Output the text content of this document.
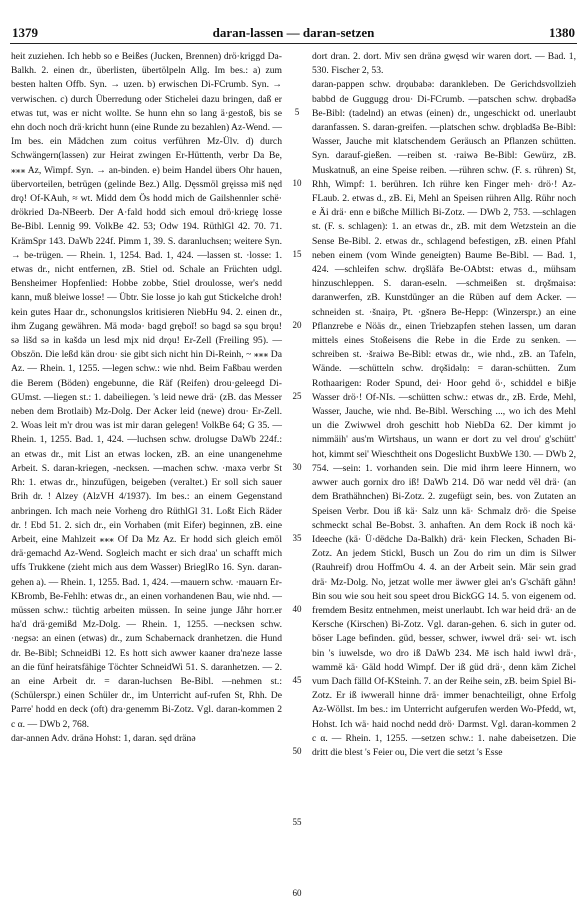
1379	daran-lassen — daran-setzen	1380

heit zuziehen. Ich hebb so e Beißes (Jucken, Brennen) drö·kriggd Da-Balkh. 2. einen dr., überlisten, übertölpeln Allg. Im bes.: a) zum besten halten Offb. Syn. → uzen. b) erwischen Di-FCrumb. Syn. → verwischen. c) durch Überredung oder Stichelei dazu bringen, daß er etwas tut, was er nicht wollte. Se hunn ehn so lang ä·gestoß, bis se ehn doch noch drä·kricht hunn (eine Runde zu bezahlen) Az-Wend. — Im bes. ein Mädchen zum coitus verführen Mz-Ülv. d) durch Schwängern(lassen) zur Heirat zwingen Er-Hüttenth, verbr Da Be, ⁎⁎⁎ Az, Wimpf. Syn. → an-binden. e) beim Handel übers Ohr hauen, übervorteilen, betrügen (gelinde Bez.) Allg. Dęssmöl gręissə miš nęd drǫ! Of-KAuh, ≈ wt. Midd dem Ös hodd mich de Gailshennler schë· drökried Da-NBeerb. Der A·fald hodd sich emoul drö·kriegę losse Be-Bibl. Lennig 99. VolkBe 42. 53; Odw 194. RüthlGl 42. 70. 71. KrämSpr 143. DaWb 224f. Pimm 1, 39. S. daranluchsen; weitere Syn. → be-trügen. — Rhein. 1, 1254. Bad. 1, 424. —lassen st. ·losse: 1. etwas dr., nicht entfernen, zB. Stiel od. Schale an Früchten udgl. Bensheimer Hopfenlied: Hobbe zobbe, Stiel droulosse, wer's nedd kann, muß bleiwe losse! — Übtr. Sie losse jo kah gut Stickelche droh! kein gutes Haar dr., schonungslos kritisieren NiebHu 94. 2. einen dr., ihm Zugang gewähren. Mä modə· bagd gręboǐ! so bagd sə sǫu brǫu! sə lišd sə in kašdə un lesd mįx nid drǫu! Er-Zell (Freiling 95). — Obszön. Die leßd kän drou· sie gibt sich nicht hin Di-Reinh, ~ ⁎⁎⁎ Da Az. — Rhein. 1, 1255. —legen schw.: wie nhd. Beim Faßbau werden die Berem (Böden) engebunne, die Räf (Reifen) drou·geleegd Di-GUmst. —liegen st.: 1. dabeiliegen. 's leid newe drä· (zB. das Messer neben dem Brotlaib) Mz-Dolg. Der Acker leid (newe) drou· Er-Zell. 2. Woas leit m'r drou was ist mir daran gelegen! VolkBe 64; G 35. — Rhein. 1, 1255. Bad. 1, 424. —luchsen schw. drolugse DaWb 224f.: an etwas dr., mit List an etwas locken, zB. an eine unangenehme Arbeit. S. daran-kriegen, -necksen. —machen schw. ·maxə verbr St Rh: 1. etwas dr., hinzufügen, beigeben (veraltet.) Er soll sich sauer Brih dr. ! Alzey (AlzVH 4/1937). Im bes.: an einem Gegenstand anbringen. Ich mach neie Vorheng dro RüthlGl 31. Loßt Eich Räder dr. ! Ebd 51. 2. sich dr., ein Vorhaben (mit Eifer) beginnen, zB. eine Arbeit, eine Mahlzeit ⁎⁎⁎ Of Da Mz Az. Er hodd sich gleich emöl drä·gemachd Az-Wend. Sogleich macht er sich draa' un schafft mich uffs Trukkene (zieht mich aus dem Wasser) BrieglRo 16. Syn. daran-gehen a). — Rhein. 1, 1255. Bad. 1, 424. —mauern schw. ·mauərn Er-KBromb, Be-Fehlh: etwas dr., an einen vorhandenen Bau, wie nhd. —müssen schw.: tüchtig arbeiten müssen. In seine junge Jåhr horr.er ha'd drä·gemißd Mz-Dolg. — Rhein. 1, 1255. —necksen schw. ·negsə: an einen (etwas) dr., zum Schabernack dranhetzen. die Hund dr. Be-Bibl; SchneidBi 12. Es hott sich awwer kaaner dra'neze lasse an die fünf heiratsfähige Töchter SchneidWi 51. S. daranhetzen. — 2. an eine Arbeit dr. = daran-luchsen Be-Bibl. —nehmen st.: (Schülerspr.) einen Schüler dr., im Unterricht auf-rufen St, Rhh. De Parre' hodd en deck (oft) dra·genemm Bi-Zotz. Vgl. daran-kommen 2 c α. — DWb 2, 768.

dar-annen Adv. dränə Hohst: 1, daran. sęd dränə

5
10
15
20
25
30
35
40
45
50
55
60

dort dran. 2. dort. Miv sen dränə gwęsd wir waren dort. — Bad. 1, 530. Fischer 2, 53.

daran-pappen schw. drǫubabə: darankleben. De Gerichdsvollzieh babbd de Guggugg drou· Di-FCrumb. —patschen schw. drǫbadšə Be-Bibl: (tadelnd) an etwas (einen) dr., ungeschickt od. unerlaubt daranfassen. S. daran-greifen. —platschen schw. drǫbladšə Be-Bibl: Wasser, Jauche mit klatschendem Geräusch an Pflanzen schütten. Syn. darauf-gießen. —reiben st. ·raiwə Be-Bibl: Gewürz, zB. Muskatnuß, an eine Speise reiben. —rühren schw. (F. s. rühren) St, Rhh, Wimpf: 1. berühren. Ich rühre ken Finger meh· drö·! Az-FLaub. 2. etwas d., zB. Ei, Mehl an Speisen rühren Allg. Rühr noch e Äi drä· enn e bißche Millich Bi-Zotz. — DWb 2, 753. —schlagen st. (F. s. schlagen): 1. an etwas dr., zB. mit dem Wetzstein an die Sense Be-Bibl. 2. etwas dr., schlagend befestigen, zB. einen Pfahl neben einem (vom Winde geneigten) Baume Be-Bibl. — Bad. 1, 424. —schleifen schw. drǫšläfə Be-OAbtst: etwas d., mühsam hinzuschleppen. S. daran-eseln. —schmeißen st. drǫšmaisə: daranwerfen, zB. Kunstdünger an die Rüben auf dem Acker. —schneiden st. ·šnaiṛə, Pt. ·gšnerə Be-Hepp: (Winzerspr.) an eine Pflanzrebe e Nöäs dr., einen Triebzapfen stehen lassen, um daran mittels eines Stoßeisens die Rebe in die Erde zu senken. —schreiben st. ·šraiwə Be-Bibl: etwas dr., wie nhd., zB. an Tafeln, Wände. —schütteln schw. drǫšidəlṇ: = daran-schütten. Zum Rothaarigen: Roder Spund, dei· Hoor gehd ö·, schiddel e bißje Wasser drö·! Of-NIs. —schütten schw.: etwas dr., zB. Erde, Mehl, Wasser, Jauche, wie nhd. Be-Bibl. Wersching ..., wo ich des Mehl un die Zwiwwel droh geschitt hob NiebDa 62. Der kimmt jo nimmäih' aus'm Wirtshaus, un wann er dort zu vel drou' g'schütt' hot, kimmt sei' Wieschtheit ons Dogeslicht BuxbWe 130. — DWb 2, 754. —sein: 1. vorhanden sein. Die mid ihrm leere Hinnern, wo awwer auch gornix dro iß! DaWb 214. Dö war nedd vël drä· (an dem Brathähnchen) Bi-Zotz. 2. zugefügt sein, bes. von Zutaten an Speisen Verbr. Dou iß kä· Salz unn kä· Schmalz drö· die Speise schmeckt schal Be-Bobst. 3. anhaften. An dem Rock iß noch kä· Ideeche (kä· Ü·dëdche Da-Balkh) drä· kein Flecken, Schaden Bi-Zotz. An jedem Stickl, Busch un Zou do rim un dim is Silwer (Rauhreif) drou HoffmOu 4. 4. an der Arbeit sein. Mär sein grad drä· Mz-Dolg. No, jetzat wolle mer äwwer glei an's G'schäft gähn! Bin sou wie sou heit sou speet drou BickGG 14. 5. von eigenem od. fremdem Besitz entnehmen, meist unerlaubt. Ich war heid drä· an de Kersche (Kirschen) Bi-Zotz. Vgl. daran-gehen. 6. sich in guter od. böser Lage befinden. güd, besser, schwer, iwwel drä· sei· wt. isch bin 's iuwelsde, wo dro iß DaWb 234. Mē isch hald iwwl drä·, wammë kä· Gäld hodd Wimpf. Der iß güd drä·, denn käm Zichel vum Dach fälld Of-KSteinh. 7. an der Reihe sein, zB. beim Spiel Bi-Zotz. Er iß iwwerall hinne drä· immer benachteiligt, ohne Erfolg Az-Wöllst. Im bes.: im Unterricht aufgerufen werden Wo-Pfedd, wt, Hohst. Ich wä· haid nochd nedd drö· Darmst. Vgl. daran-kommen 2 c α. — Rhein. 1, 1255. —setzen schw.: 1. nahe dabeisetzen. Die dritt die blest 's Feier ou, Die vert die setzt 's Esse
